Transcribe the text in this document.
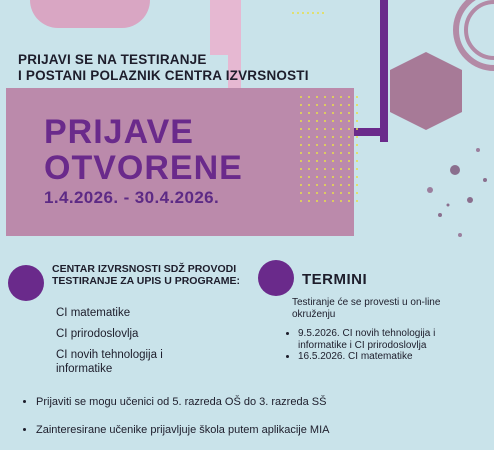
PRIJAVI SE NA TESTIRANJE
I POSTANI POLAZNIK CENTRA IZVRSNOSTI
PRIJAVE
OTVORENE
1.4.2026. - 30.4.2026.
CENTAR IZVRSNOSTI SDŽ PROVODI TESTIRANJE ZA UPIS U PROGRAME:
CI matematike
CI prirodoslovlja
CI novih tehnologija i informatike
TERMINI
Testiranje će se provesti u on-line okruženju
• 9.5.2026. CI novih tehnologija i informatike i CI prirodoslovlja
• 16.5.2026. CI matematike
• Prijaviti se mogu učenici od 5. razreda OŠ do 3. razreda SŠ
• Zainteresirane učenike prijavljuje škola putem aplikacije MIA
